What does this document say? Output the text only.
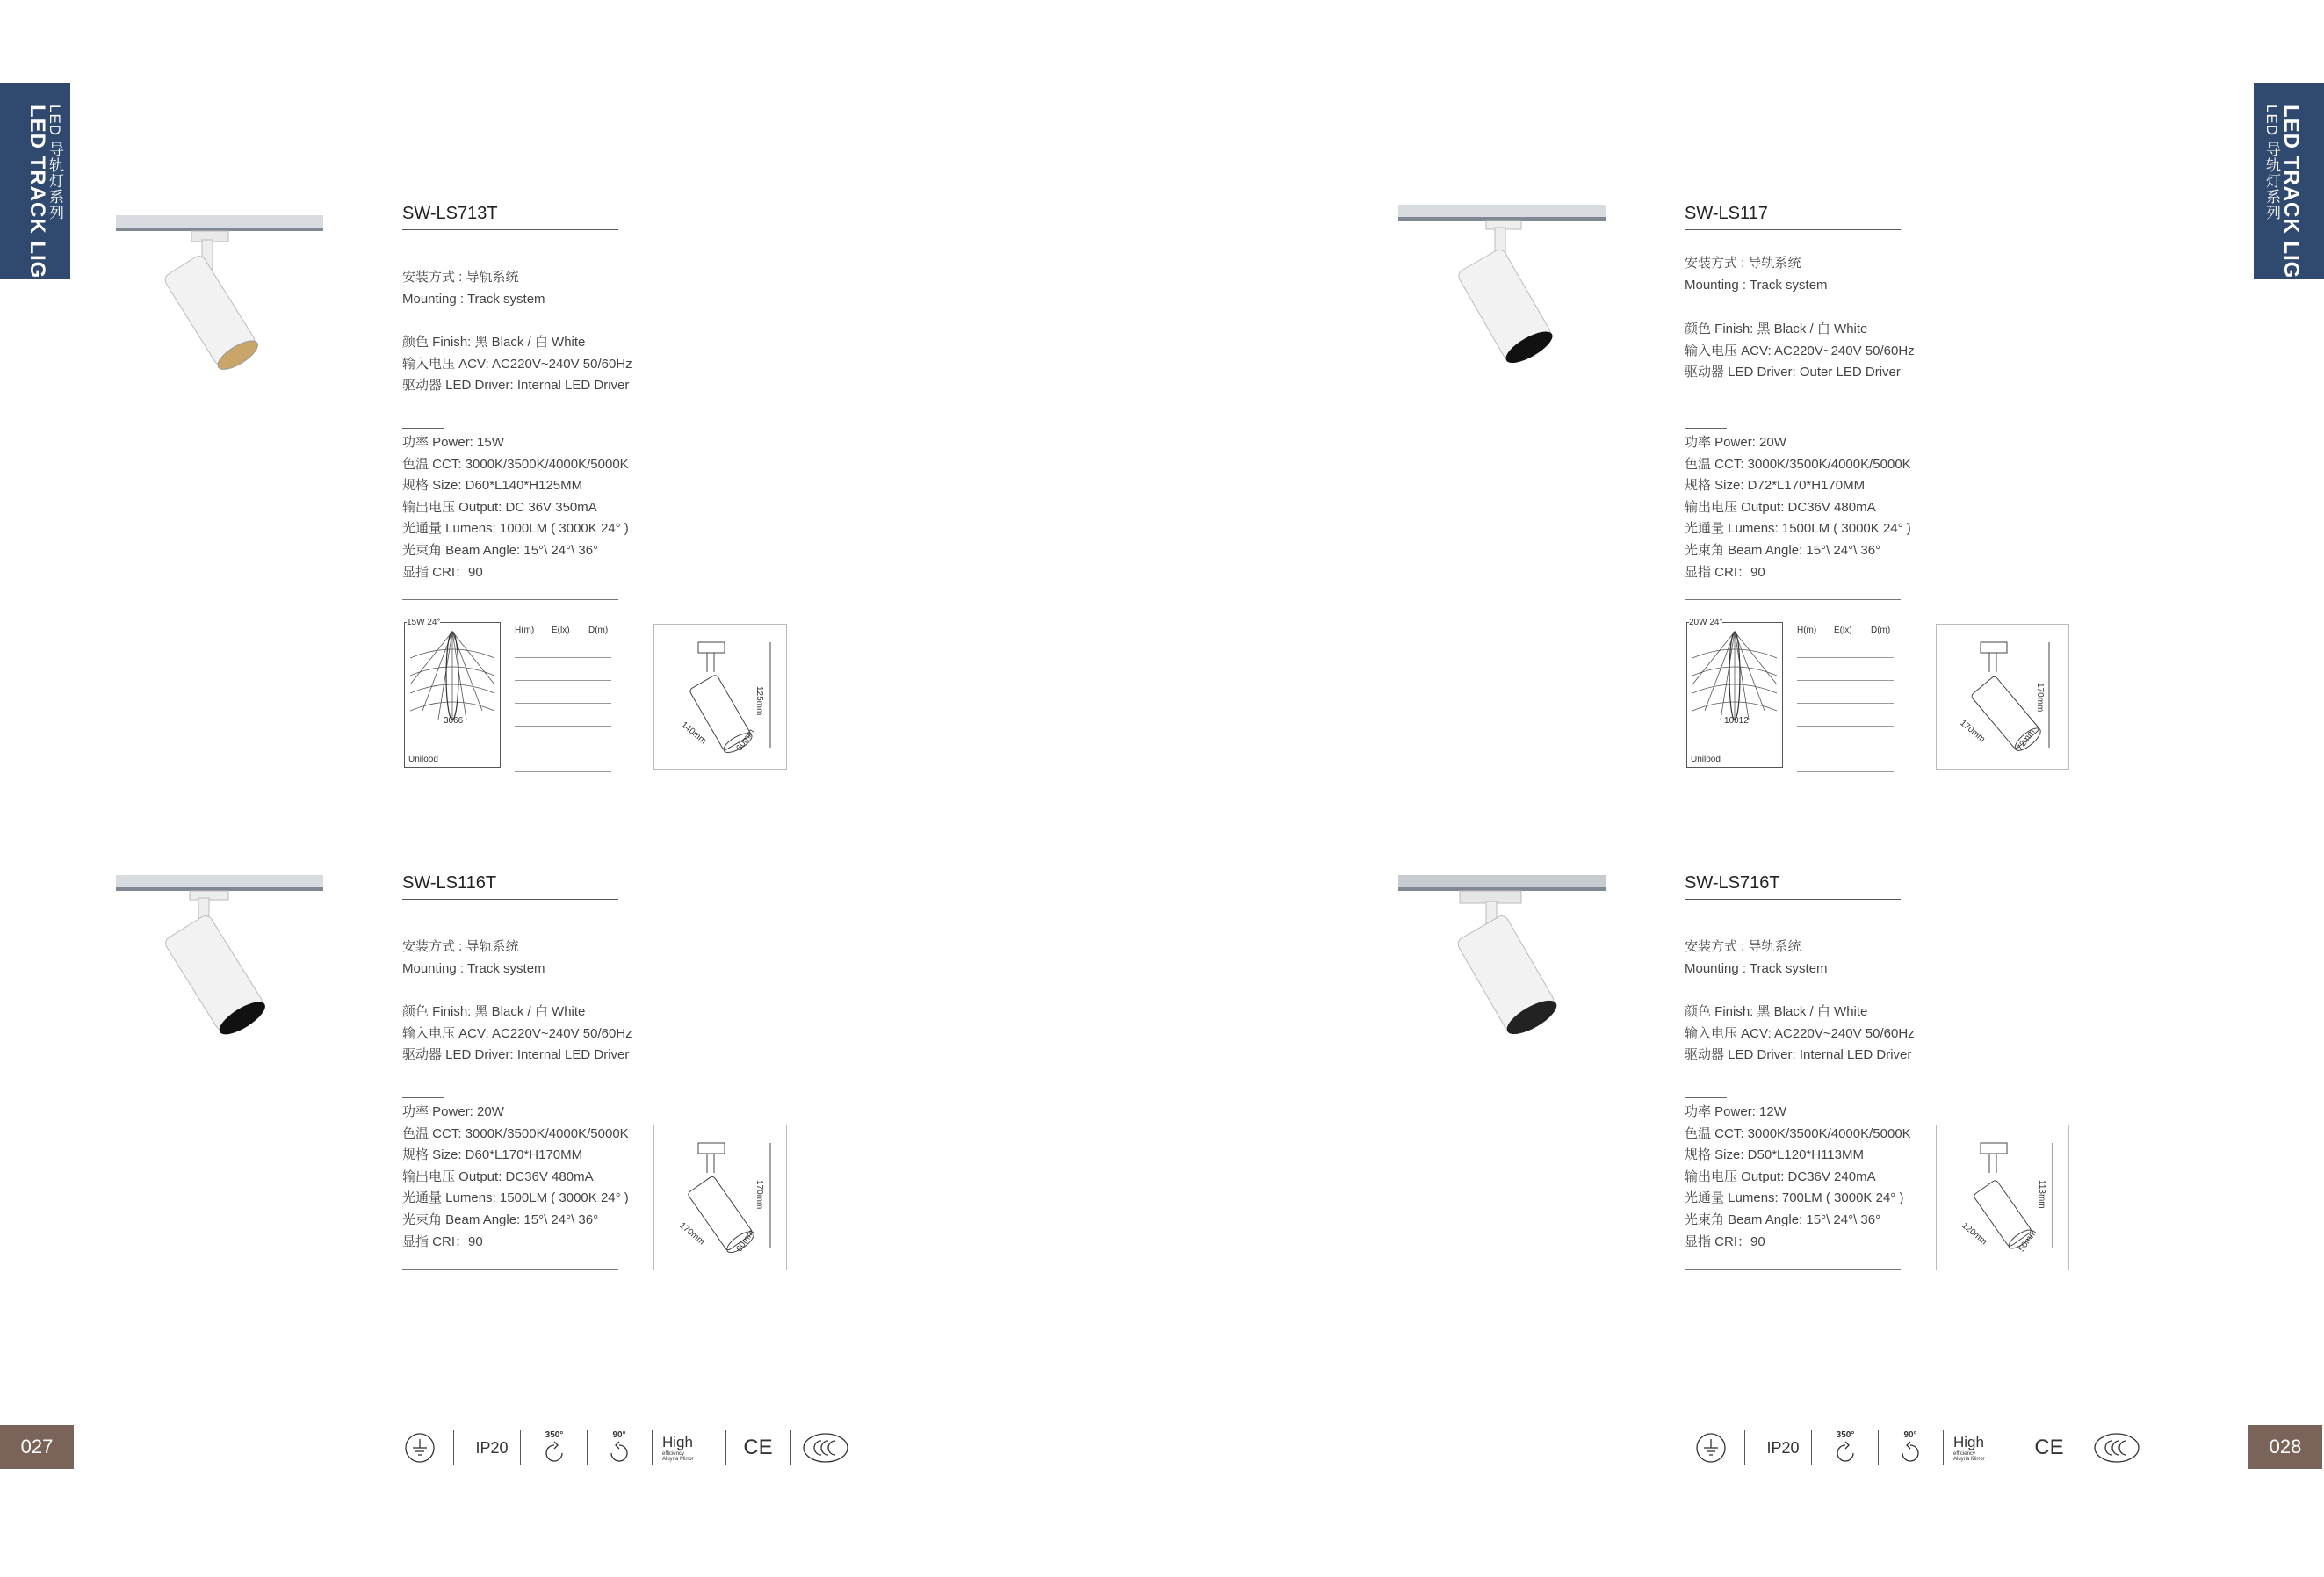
LED TRACK LIGHT
LED 导轨灯系列	LED TRACK LIGHT
LED 导轨灯系列
027	028
SW-LS713T
安装方式 : 导轨系统
Mounting : Track system
颜色 Finish: 黑 Black / 白 White
输入电压 ACV: AC220V~240V 50/60Hz
驱动器 LED Driver: Internal LED Driver
功率 Power: 15W
色温 CCT: 3000K/3500K/4000K/5000K
规格 Size: D60*L140*H125MM
输出电压 Output: DC 36V 350mA
光通量 Lumens: 1000LM ( 3000K 24° )
光束角 Beam Angle: 15°\ 24°\ 36°
显指 CRI：90
15W 24°
3066
Unilood
H(m) E(lx) D(m)
125mm
140mm	60mm
SW-LS117
安装方式 : 导轨系统
Mounting : Track system
颜色 Finish: 黑 Black / 白 White
输入电压 ACV: AC220V~240V 50/60Hz
驱动器 LED Driver: Outer LED Driver
功率 Power: 20W
色温 CCT: 3000K/3500K/4000K/5000K
规格 Size: D72*L170*H170MM
输出电压 Output: DC36V 480mA
光通量 Lumens: 1500LM ( 3000K 24° )
光束角 Beam Angle: 15°\ 24°\ 36°
显指 CRI：90
20W 24°
10012
Unilood
H(m) E(lx) D(m)
170mm
170mm	72mm
SW-LS116T
安装方式 : 导轨系统
Mounting : Track system
颜色 Finish: 黑 Black / 白 White
输入电压 ACV: AC220V~240V 50/60Hz
驱动器 LED Driver: Internal LED Driver
功率 Power: 20W
色温 CCT: 3000K/3500K/4000K/5000K
规格 Size: D60*L170*H170MM
输出电压 Output: DC36V 480mA
光通量 Lumens: 1500LM ( 3000K 24° )
光束角 Beam Angle: 15°\ 24°\ 36°
显指 CRI：90
170mm
170mm	60mm
SW-LS716T
安装方式 : 导轨系统
Mounting : Track system
颜色 Finish: 黑 Black / 白 White
输入电压 ACV: AC220V~240V 50/60Hz
驱动器 LED Driver: Internal LED Driver
功率 Power: 12W
色温 CCT: 3000K/3500K/4000K/5000K
规格 Size: D50*L120*H113MM
输出电压 Output: DC36V 240mA
光通量 Lumens: 700LM ( 3000K 24° )
光束角 Beam Angle: 15°\ 24°\ 36°
显指 CRI：90
113mm
120mm	50mm
IP20
350°	90° High
efficiency
Aluyria Mirror	CE	IP20
350°	90° High
efficiency
Aluyria Mirror	CE
